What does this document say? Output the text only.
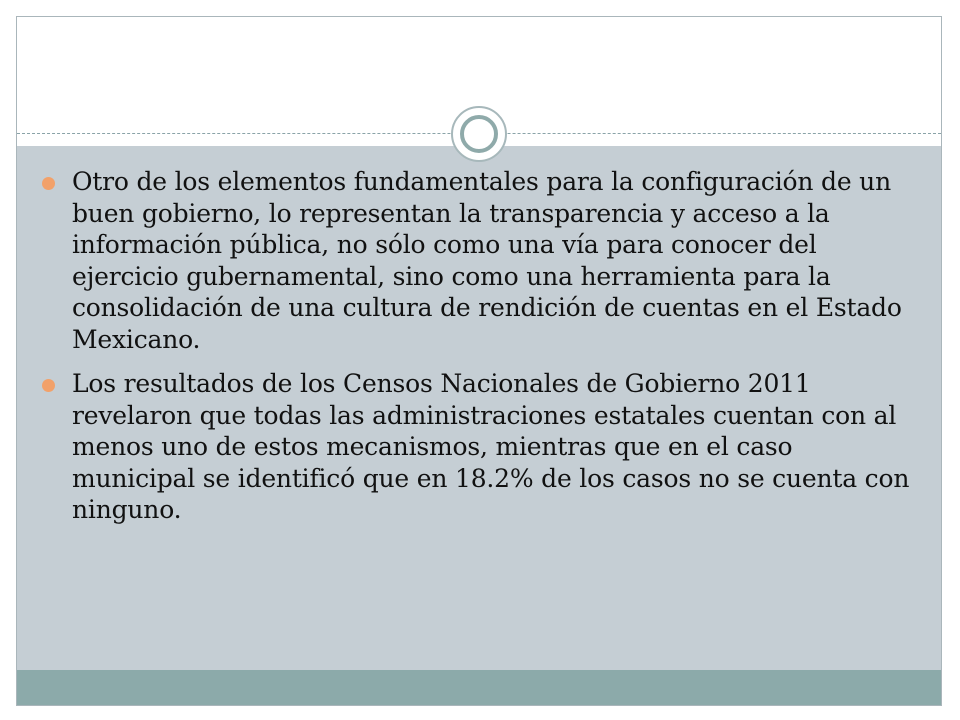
Otro de los elementos fundamentales para la configuración de un buen gobierno, lo representan la transparencia y acceso a la información pública, no sólo como una vía para conocer del ejercicio gubernamental, sino como una herramienta para la consolidación de una cultura de rendición de cuentas en el Estado Mexicano.
Los resultados de los Censos Nacionales de Gobierno 2011 revelaron que todas las administraciones estatales cuentan con al menos uno de estos mecanismos, mientras que en el caso municipal se identificó que en 18.2% de los casos no se cuenta con ninguno.
